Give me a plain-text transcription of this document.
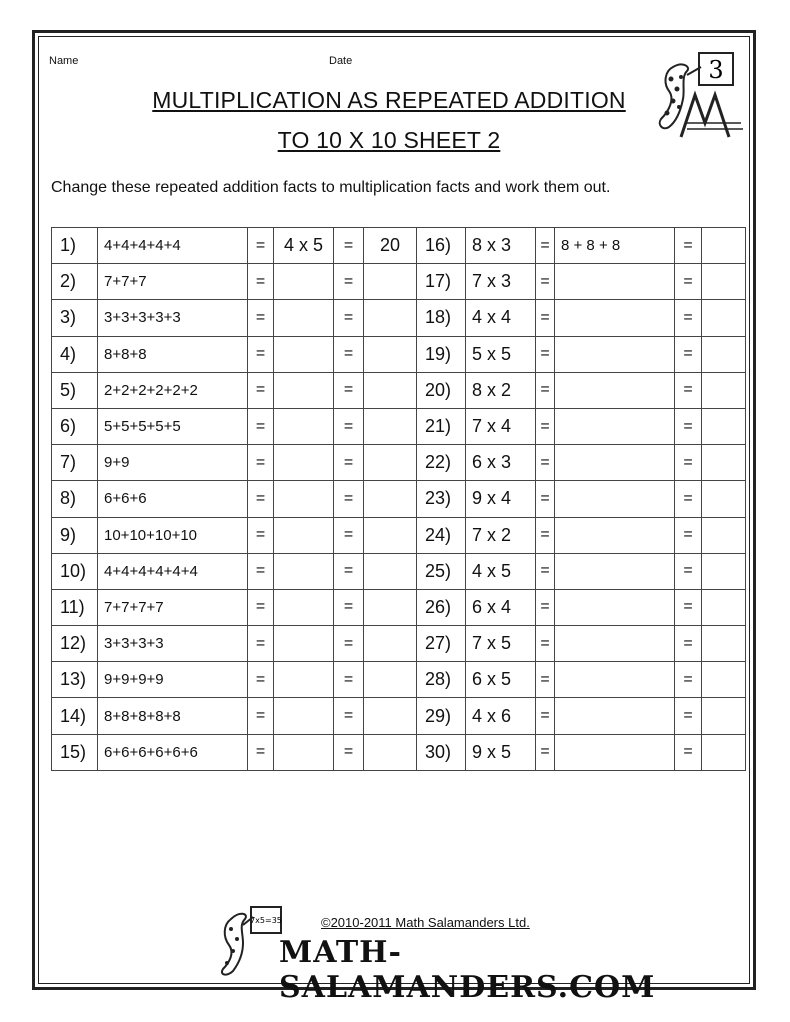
Name	Date
MULTIPLICATION AS REPEATED ADDITION
TO 10 X 10 SHEET 2
3
Change these repeated addition facts to multiplication facts and work them out.
1)	4+4+4+4+4	=	4 x 5	=	20	16)	8 x 3	=	8 + 8 + 8	=	
2)	7+7+7	=		=		17)	7 x 3	=		=	
3)	3+3+3+3+3	=		=		18)	4 x 4	=		=	
4)	8+8+8	=		=		19)	5 x 5	=		=	
5)	2+2+2+2+2+2	=		=		20)	8 x 2	=		=	
6)	5+5+5+5+5	=		=		21)	7 x 4	=		=	
7)	9+9	=		=		22)	6 x 3	=		=	
8)	6+6+6	=		=		23)	9 x 4	=		=	
9)	10+10+10+10	=		=		24)	7 x 2	=		=	
10)	4+4+4+4+4+4	=		=		25)	4 x 5	=		=	
11)	7+7+7+7	=		=		26)	6 x 4	=		=	
12)	3+3+3+3	=		=		27)	7 x 5	=		=	
13)	9+9+9+9	=		=		28)	6 x 5	=		=	
14)	8+8+8+8+8	=		=		29)	4 x 6	=		=	
15)	6+6+6+6+6+6	=		=		30)	9 x 5	=		=	
7x5=35	©2010-2011 Math Salamanders Ltd.
MATH-SALAMANDERS.COM
